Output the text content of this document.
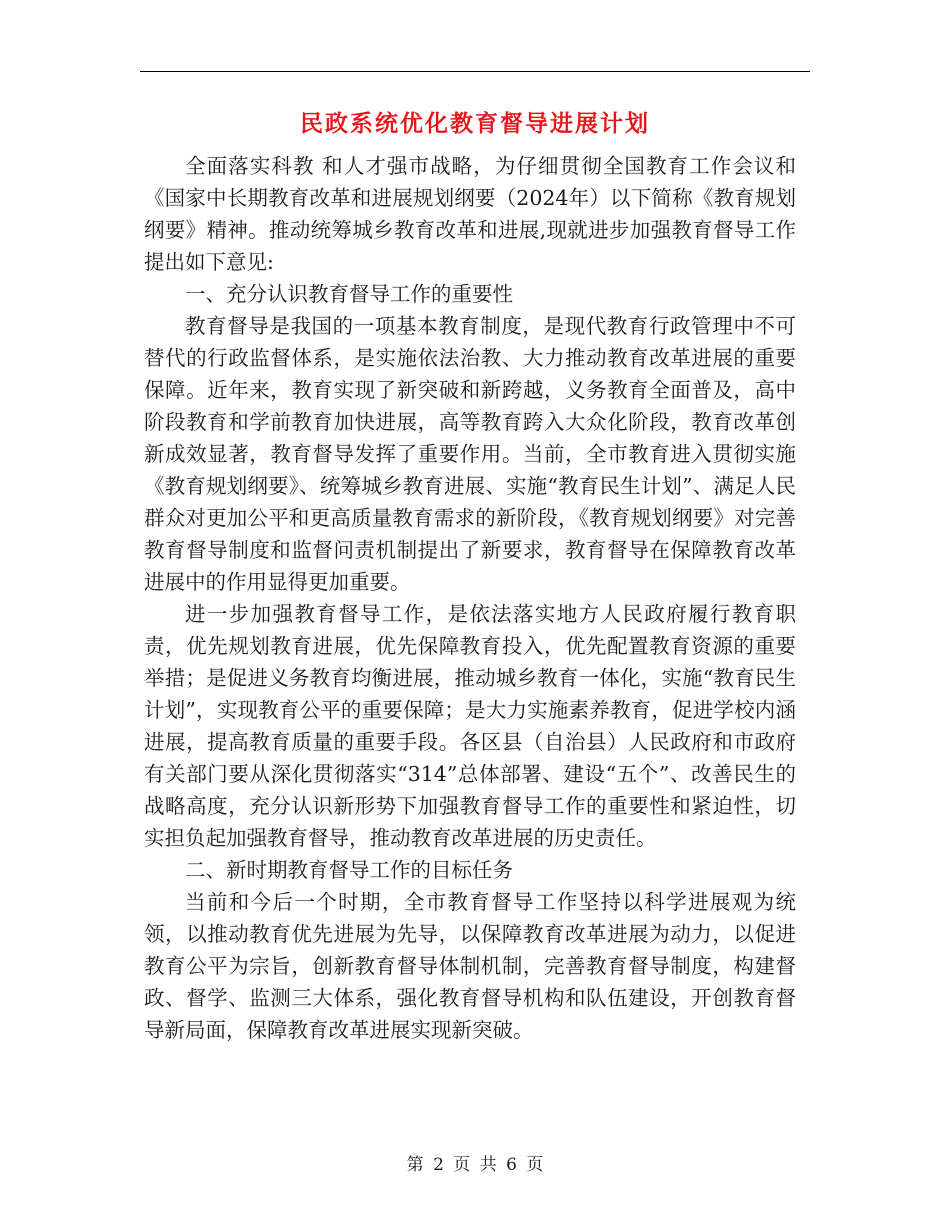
民政系统优化教育督导进展计划

全面落实科教 和人才强市战略，为仔细贯彻全国教育工作会议和《国家中长期教育改革和进展规划纲要（2024年）以下简称《教育规划纲要》精神。推动统筹城乡教育改革和进展,现就进步加强教育督导工作提出如下意见:

一、充分认识教育督导工作的重要性

教育督导是我国的一项基本教育制度，是现代教育行政管理中不可替代的行政监督体系，是实施依法治教、大力推动教育改革进展的重要保障。近年来，教育实现了新突破和新跨越，义务教育全面普及，高中阶段教育和学前教育加快进展，高等教育跨入大众化阶段，教育改革创新成效显著，教育督导发挥了重要作用。当前，全市教育进入贯彻实施《教育规划纲要》、统筹城乡教育进展、实施“教育民生计划”、满足人民群众对更加公平和更高质量教育需求的新阶段，《教育规划纲要》对完善教育督导制度和监督问责机制提出了新要求，教育督导在保障教育改革进展中的作用显得更加重要。

进一步加强教育督导工作，是依法落实地方人民政府履行教育职责，优先规划教育进展，优先保障教育投入，优先配置教育资源的重要举措；是促进义务教育均衡进展，推动城乡教育一体化，实施“教育民生计划”，实现教育公平的重要保障；是大力实施素养教育，促进学校内涵进展，提高教育质量的重要手段。各区县（自治县）人民政府和市政府有关部门要从深化贯彻落实“314”总体部署、建设“五个”、改善民生的战略高度，充分认识新形势下加强教育督导工作的重要性和紧迫性，切实担负起加强教育督导，推动教育改革进展的历史责任。

二、新时期教育督导工作的目标任务

当前和今后一个时期，全市教育督导工作坚持以科学进展观为统领，以推动教育优先进展为先导，以保障教育改革进展为动力，以促进教育公平为宗旨，创新教育督导体制机制，完善教育督导制度，构建督政、督学、监测三大体系，强化教育督导机构和队伍建设，开创教育督导新局面，保障教育改革进展实现新突破。

第 2 页 共 6 页
